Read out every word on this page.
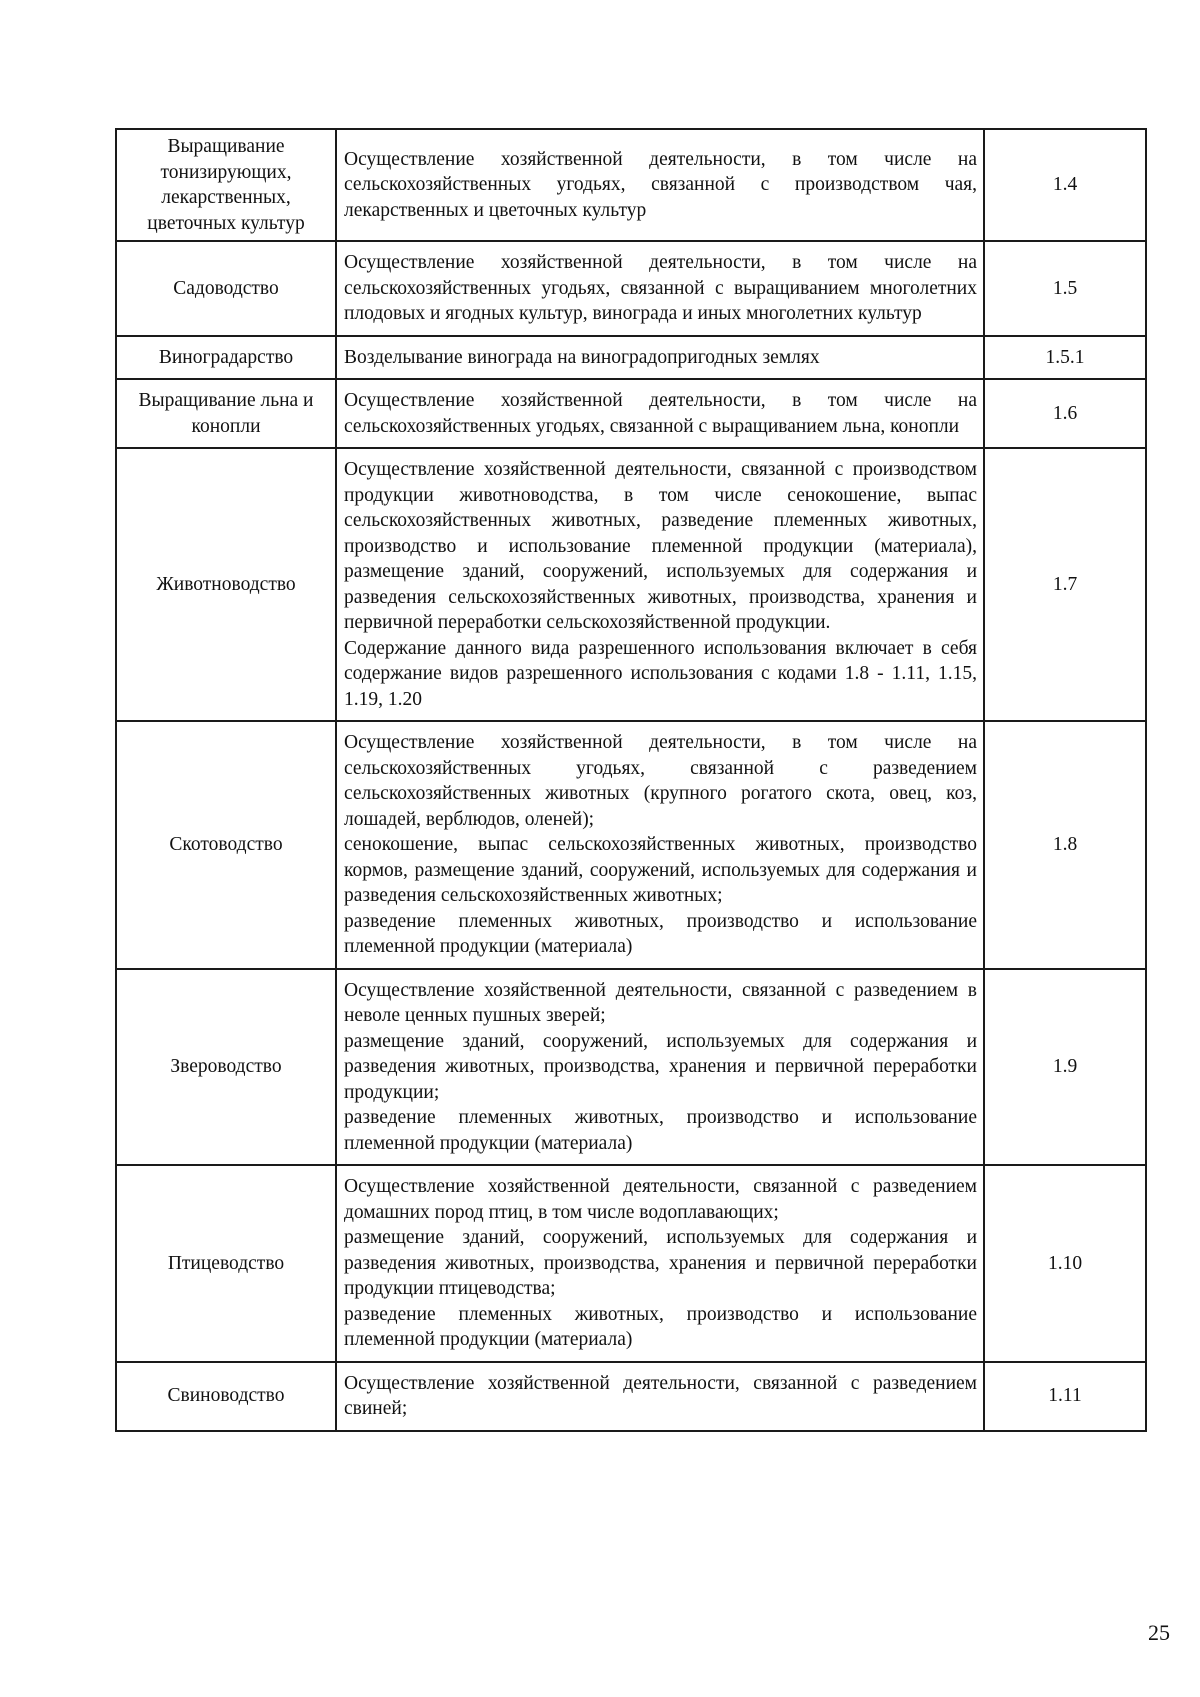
Выращивание тонизирующих, лекарственных, цветочных культур	Осуществление хозяйственной деятельности, в том числе на сельскохозяйственных угодьях, связанной с производством чая, лекарственных и цветочных культур	1.4
Садоводство	Осуществление хозяйственной деятельности, в том числе на сельскохозяйственных угодьях, связанной с выращиванием многолетних плодовых и ягодных культур, винограда и иных многолетних культур	1.5
Виноградарство	Возделывание винограда на виноградопригодных землях	1.5.1
Выращивание льна и конопли	Осуществление хозяйственной деятельности, в том числе на сельскохозяйственных угодьях, связанной с выращиванием льна, конопли	1.6
Животноводство	Осуществление хозяйственной деятельности, связанной с производством продукции животноводства, в том числе сенокошение, выпас сельскохозяйственных животных, разведение племенных животных, производство и использование племенной продукции (материала), размещение зданий, сооружений, используемых для содержания и разведения сельскохозяйственных животных, производства, хранения и первичной переработки сельскохозяйственной продукции.
Содержание данного вида разрешенного использования включает в себя содержание видов разрешенного использования с кодами 1.8 - 1.11, 1.15, 1.19, 1.20	1.7
Скотоводство	Осуществление хозяйственной деятельности, в том числе на сельскохозяйственных угодьях, связанной с разведением сельскохозяйственных животных (крупного рогатого скота, овец, коз, лошадей, верблюдов, оленей);
сенокошение, выпас сельскохозяйственных животных, производство кормов, размещение зданий, сооружений, используемых для содержания и разведения сельскохозяйственных животных;
разведение племенных животных, производство и использование племенной продукции (материала)	1.8
Звероводство	Осуществление хозяйственной деятельности, связанной с разведением в неволе ценных пушных зверей;
размещение зданий, сооружений, используемых для содержания и разведения животных, производства, хранения и первичной переработки продукции;
разведение племенных животных, производство и использование племенной продукции (материала)	1.9
Птицеводство	Осуществление хозяйственной деятельности, связанной с разведением домашних пород птиц, в том числе водоплавающих;
размещение зданий, сооружений, используемых для содержания и разведения животных, производства, хранения и первичной переработки продукции птицеводства;
разведение племенных животных, производство и использование племенной продукции (материала)	1.10
Свиноводство	Осуществление хозяйственной деятельности, связанной с разведением свиней;	1.11
25
